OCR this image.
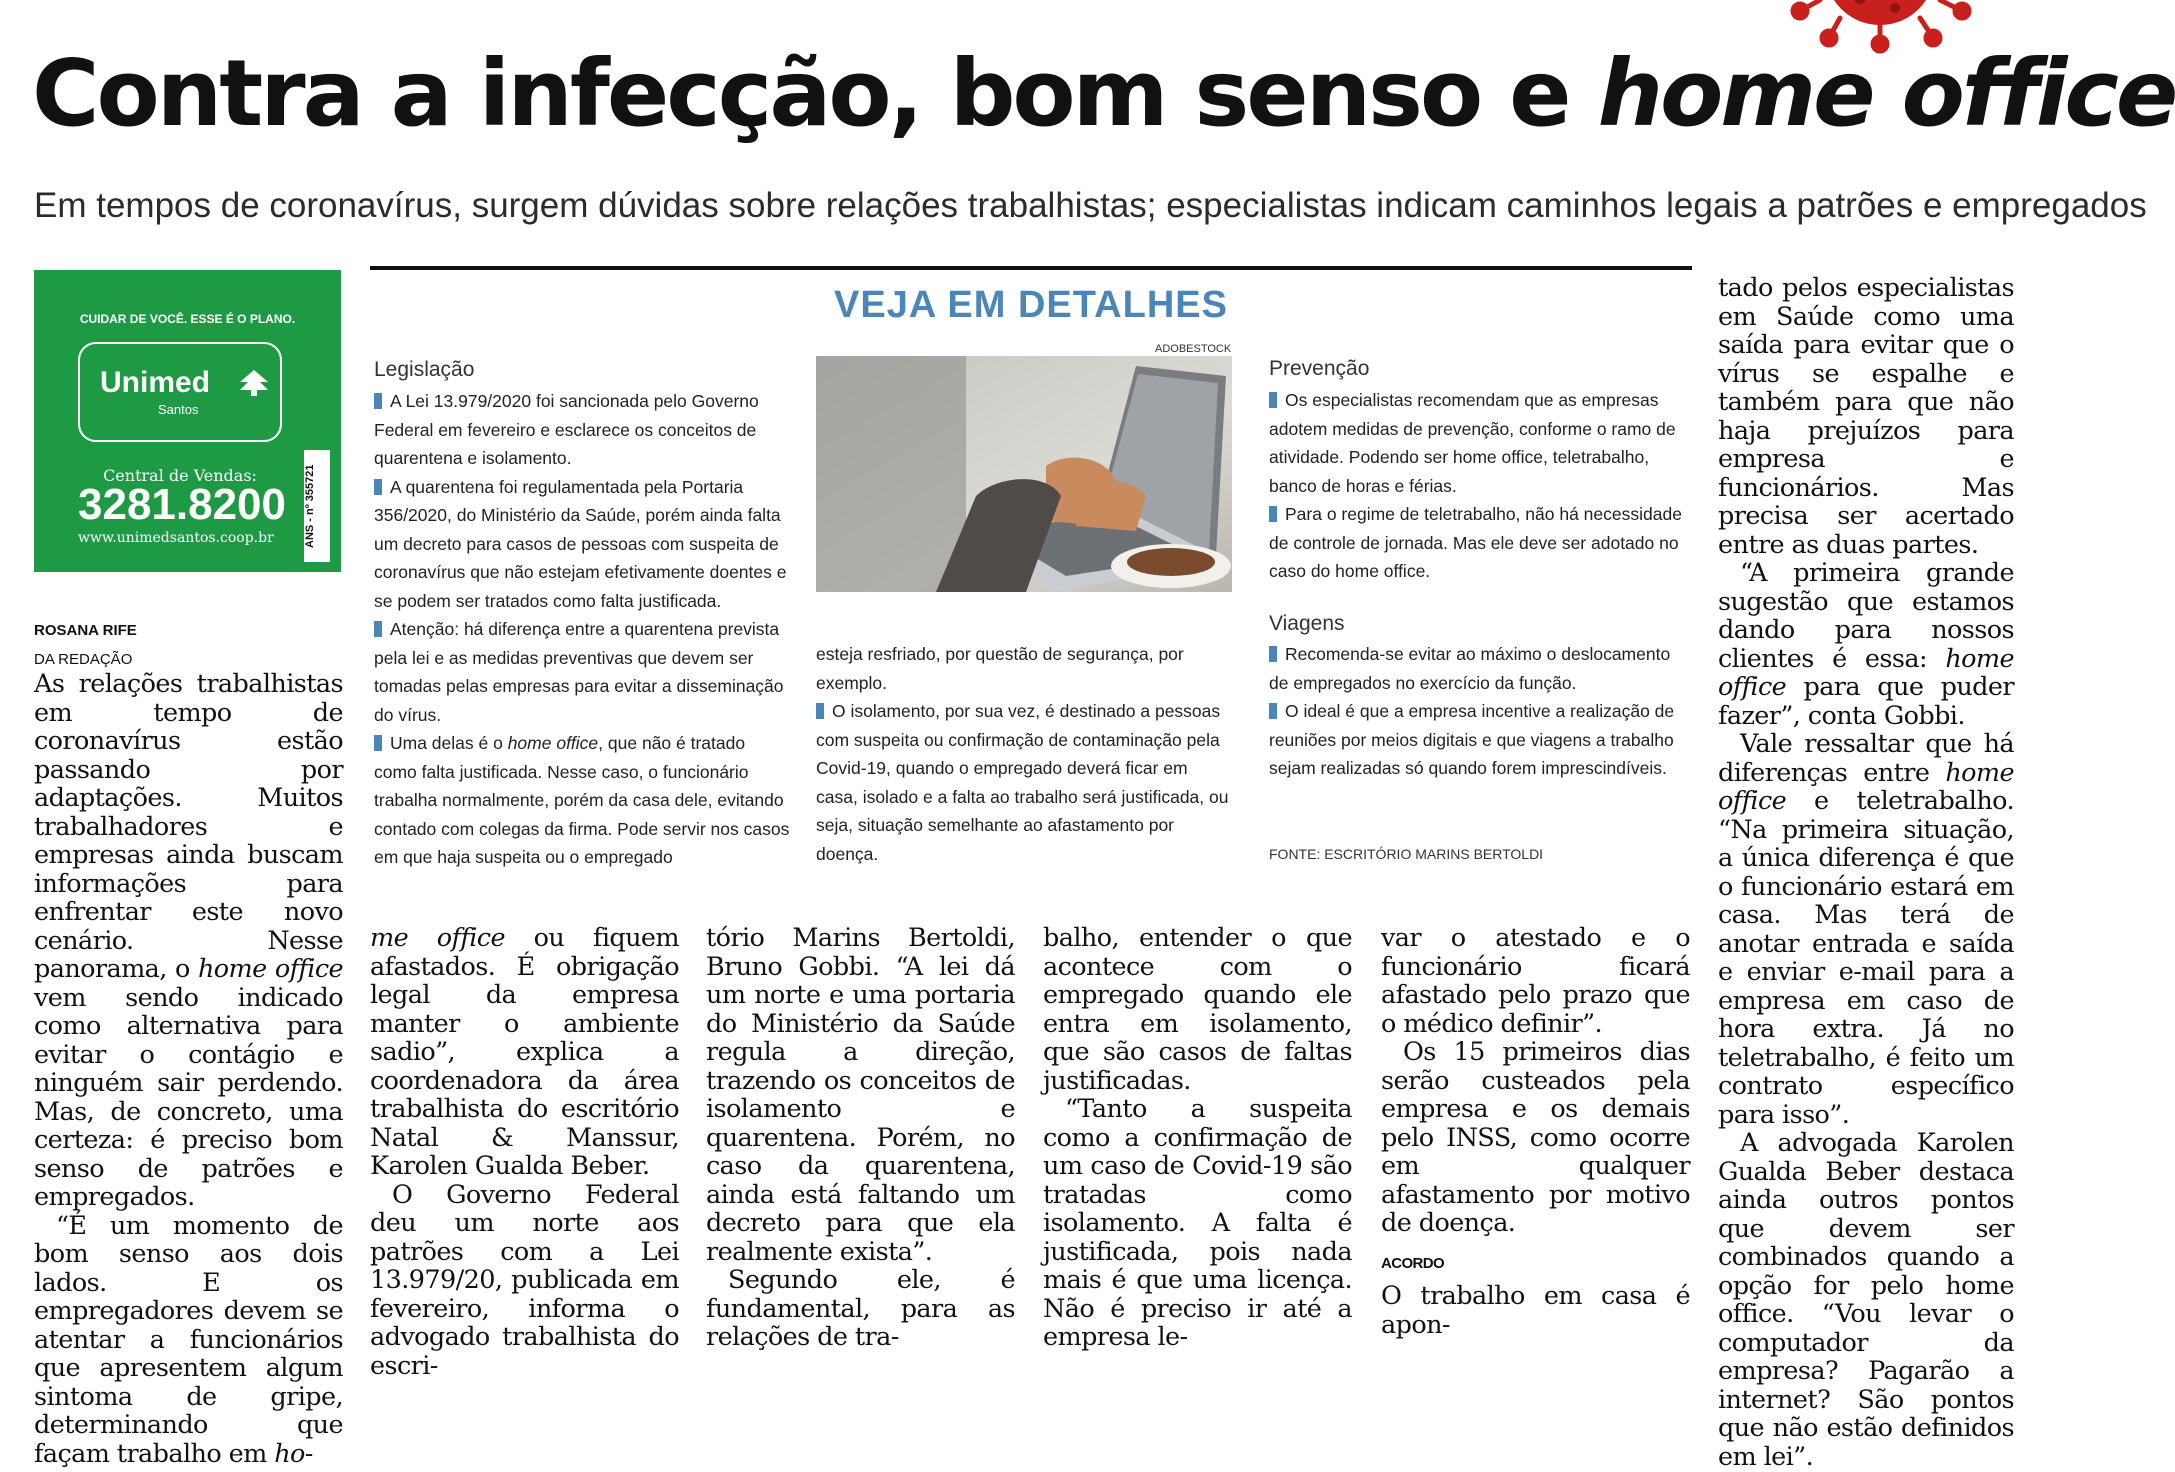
Contra a infecção, bom senso e home office
Em tempos de coronavírus, surgem dúvidas sobre relações trabalhistas; especialistas indicam caminhos legais a patrões e empregados
CUIDAR DE VOCÊ. ESSE É O PLANO.
Unimed
Santos
Central de Vendas:
3281.8200
www.unimedsantos.coop.br	ANS - nº 355721
ROSANA RIFE
DA REDAÇÃO

As relações trabalhistas em tempo de coronavírus estão passando por adaptações. Muitos trabalhadores e empresas ainda buscam informações para enfrentar este novo cenário. Nesse panorama, o home office vem sendo indicado como alternativa para evitar o contágio e ninguém sair perdendo. Mas, de concreto, uma certeza: é preciso bom senso de patrões e empregados.

“É um momento de bom senso aos dois lados. E os empregadores devem se atentar a funcionários que apresentem algum sintoma de gripe, determinando que façam trabalho em ho-

VEJA EM DETALHES
Legislação

A Lei 13.979/2020 foi sancionada pelo Governo Federal em fevereiro e esclarece os conceitos de quarentena e isolamento.

A quarentena foi regulamentada pela Portaria 356/2020, do Ministério da Saúde, porém ainda falta um decreto para casos de pessoas com suspeita de coronavírus que não estejam efetivamente doentes e se podem ser tratados como falta justificada.

Atenção: há diferença entre a quarentena prevista pela lei e as medidas preventivas que devem ser tomadas pelas empresas para evitar a disseminação do vírus.

Uma delas é o home office, que não é tratado como falta justificada. Nesse caso, o funcionário trabalha normalmente, porém da casa dele, evitando contado com colegas da firma. Pode servir nos casos em que haja suspeita ou o empregado

ADOBESTOCK

esteja resfriado, por questão de segurança, por exemplo.

O isolamento, por sua vez, é destinado a pessoas com suspeita ou confirmação de contaminação pela Covid-19, quando o empregado deverá ficar em casa, isolado e a falta ao trabalho será justificada, ou seja, situação semelhante ao afastamento por doença.

Prevenção

Os especialistas recomendam que as empresas adotem medidas de prevenção, conforme o ramo de atividade. Podendo ser home office, teletrabalho, banco de horas e férias.

Para o regime de teletrabalho, não há necessidade de controle de jornada. Mas ele deve ser adotado no caso do home office.

Viagens

Recomenda-se evitar ao máximo o deslocamento de empregados no exercício da função.

O ideal é que a empresa incentive a realização de reuniões por meios digitais e que viagens a trabalho sejam realizadas só quando forem imprescindíveis.

FONTE: ESCRITÓRIO MARINS BERTOLDI

me office ou fiquem afastados. É obrigação legal da empresa manter o ambiente sadio”, explica a coordenadora da área trabalhista do escritório Natal & Manssur, Karolen Gualda Beber.

O Governo Federal deu um norte aos patrões com a Lei 13.979/20, publicada em fevereiro, informa o advogado trabalhista do escri-

tório Marins Bertoldi, Bruno Gobbi. “A lei dá um norte e uma portaria do Ministério da Saúde regula a direção, trazendo os conceitos de isolamento e quarentena. Porém, no caso da quarentena, ainda está faltando um decreto para que ela realmente exista”.

Segundo ele, é fundamental, para as relações de tra-

balho, entender o que acontece com o empregado quando ele entra em isolamento, que são casos de faltas justificadas.

“Tanto a suspeita como a confirmação de um caso de Covid-19 são tratadas como isolamento. A falta é justificada, pois nada mais é que uma licença. Não é preciso ir até a empresa le-

var o atestado e o funcionário ficará afastado pelo prazo que o médico definir”.

Os 15 primeiros dias serão custeados pela empresa e os demais pelo INSS, como ocorre em qualquer afastamento por motivo de doença.

ACORDO

O trabalho em casa é apon-

tado pelos especialistas em Saúde como uma saída para evitar que o vírus se espalhe e também para que não haja prejuízos para empresa e funcionários. Mas precisa ser acertado entre as duas partes.

“A primeira grande sugestão que estamos dando para nossos clientes é essa: home office para que puder fazer”, conta Gobbi.

Vale ressaltar que há diferenças entre home office e teletrabalho. “Na primeira situação, a única diferença é que o funcionário estará em casa. Mas terá de anotar entrada e saída e enviar e-mail para a empresa em caso de hora extra. Já no teletrabalho, é feito um contrato específico para isso”.

A advogada Karolen Gualda Beber destaca ainda outros pontos que devem ser combinados quando a opção for pelo home office. “Vou levar o computador da empresa? Pagarão a internet? São pontos que não estão definidos em lei”.
